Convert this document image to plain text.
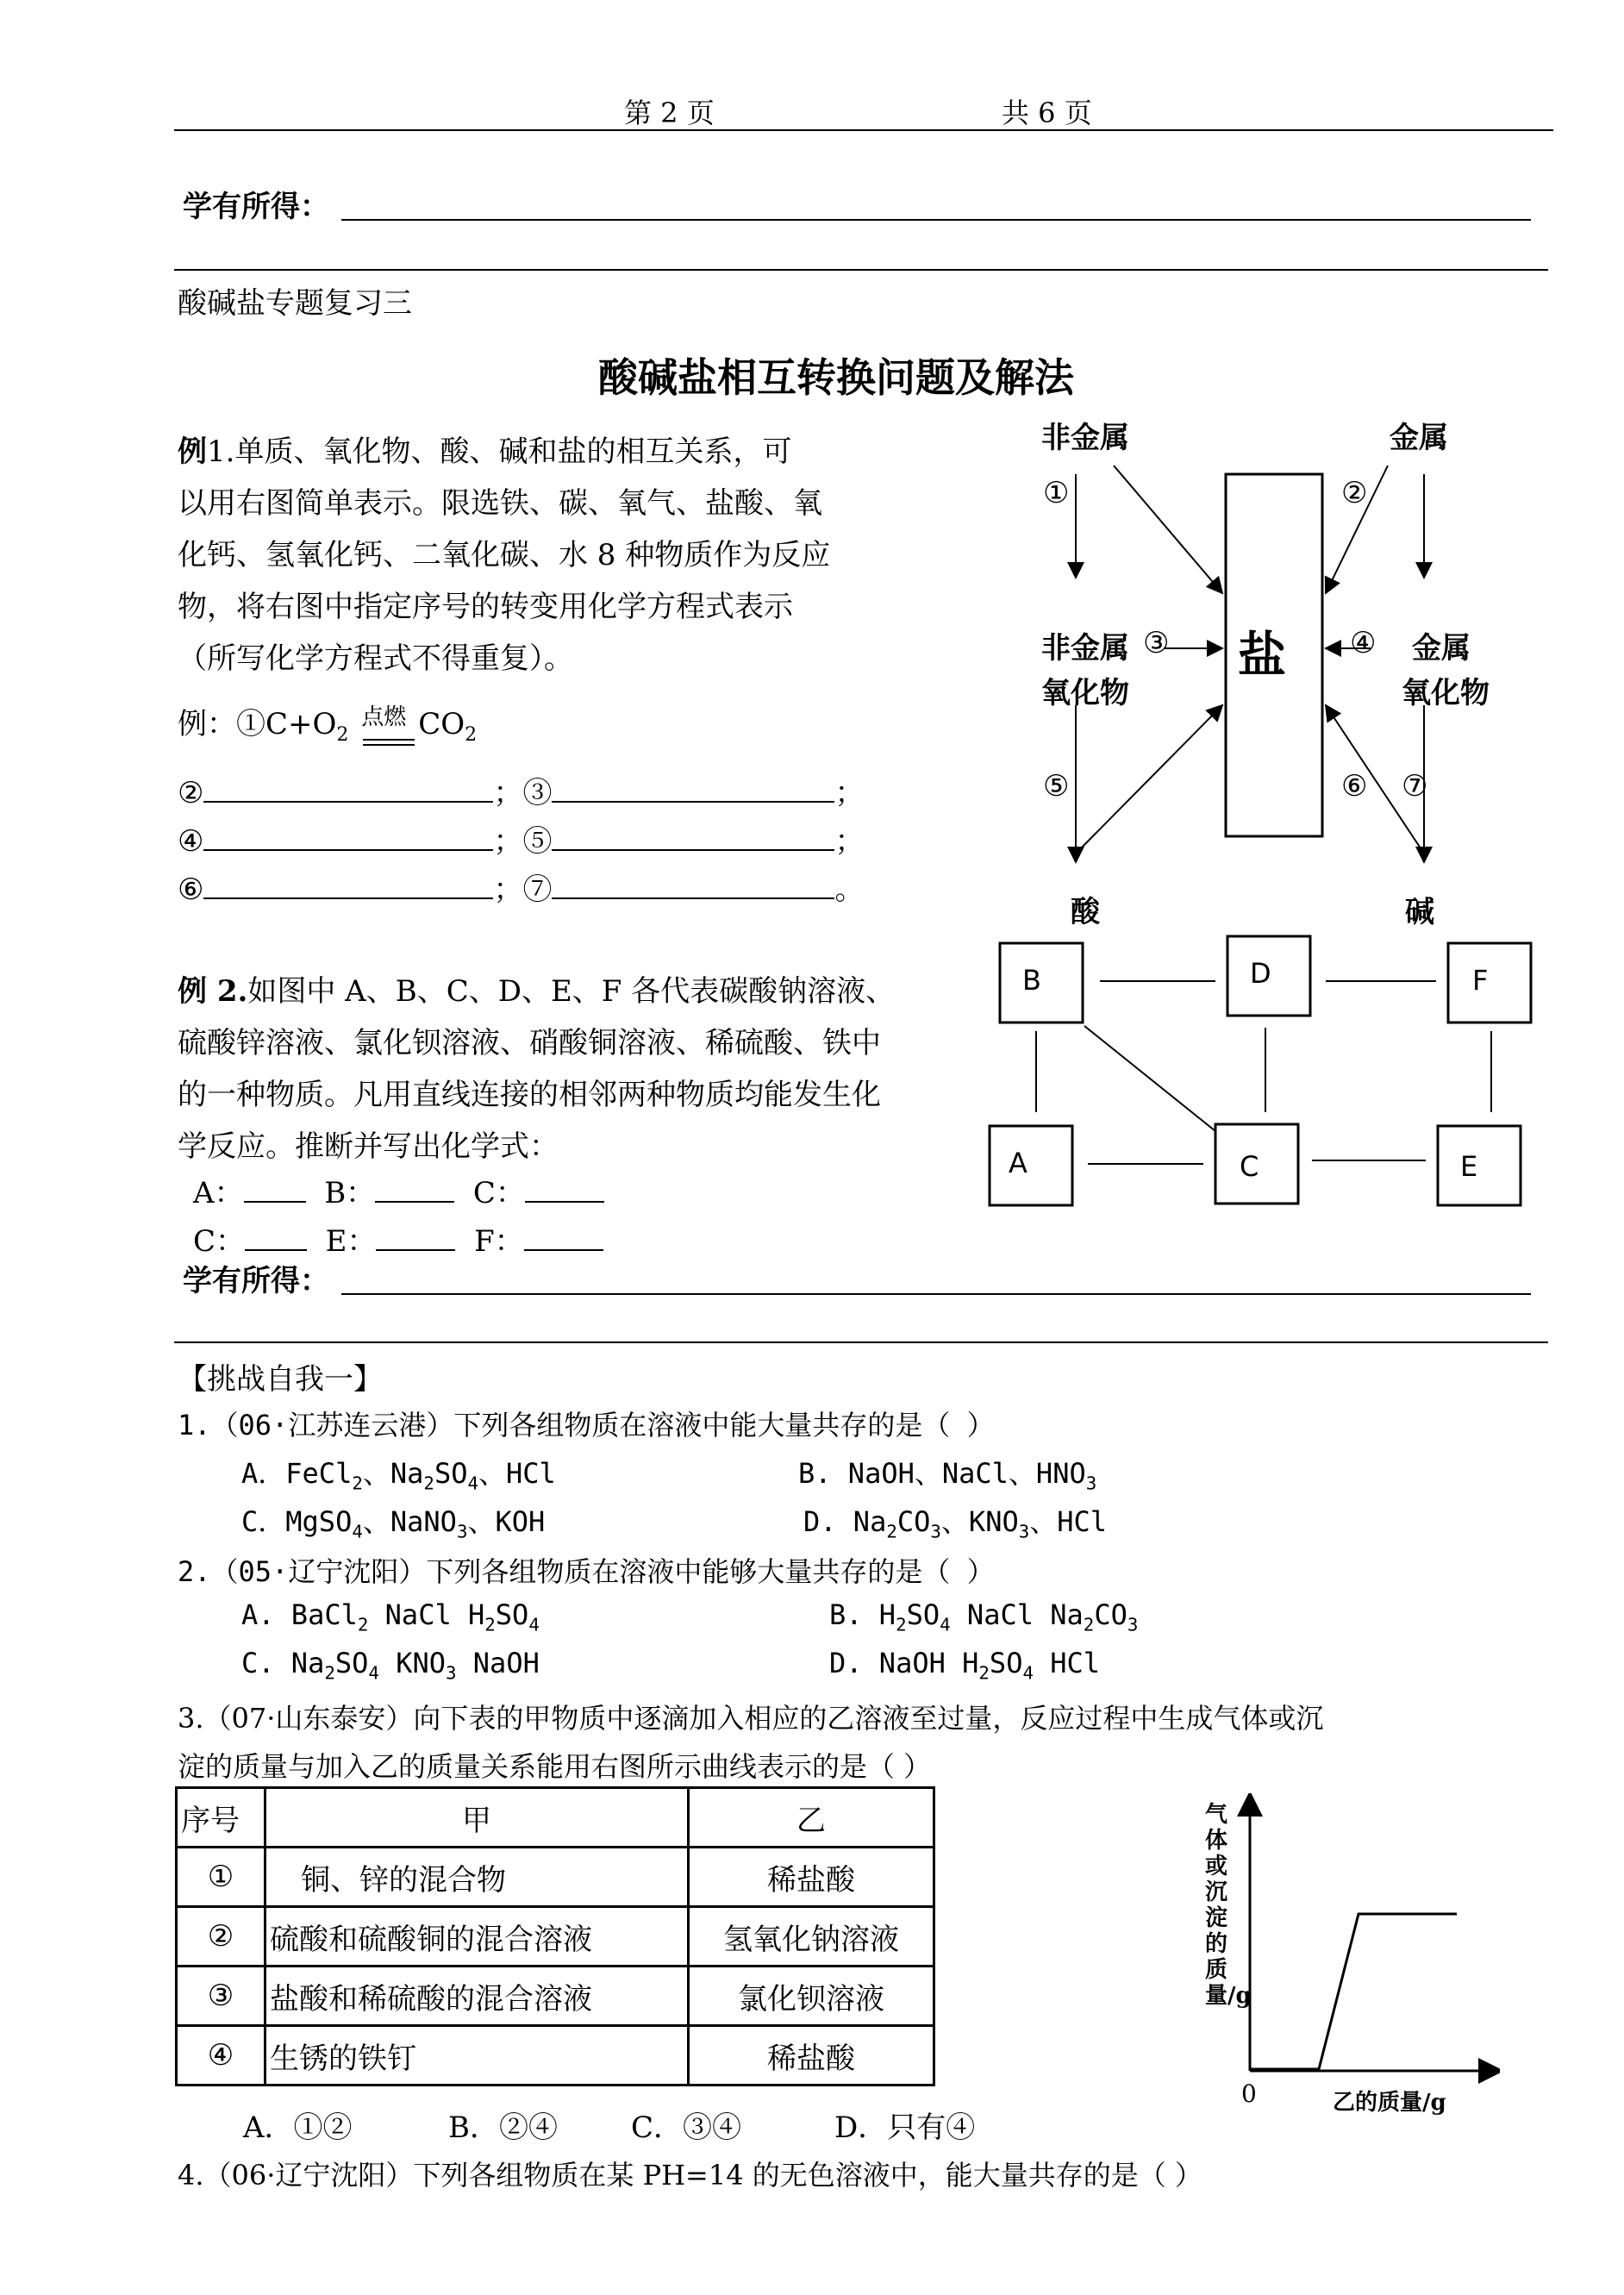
第 2 页	共 6 页
学有所得：
酸碱盐专题复习三
酸碱盐相互转换问题及解法
例1.单质、氧化物、酸、碱和盐的相互关系，可
以用右图简单表示。限选铁、碳、氧气、盐酸、氧
化钙、氢氧化钙、二氧化碳、水 8 种物质作为反应
物，将右图中指定序号的转变用化学方程式表示
（所写化学方程式不得重复）。
例：$①C+O_2$
点燃 $CO_2$
②	；③	；
④	；⑤	；
⑥	；⑦	。
非金属	金属
①	②
非金属
氧化物
③ 盐 ④	金属
氧化物
⑤	⑥ ⑦
酸	碱
例 2.如图中 A、B、C、D、E、F 各代表碳酸钠溶液、
硫酸锌溶液、氯化钡溶液、硝酸铜溶液、稀硫酸、铁中
的一种物质。凡用直线连接的相邻两种物质均能发生化
学反应。推断并写出化学式：
A：	B：	C：
C：	E：	F：
B	D	F
A	C	E
学有所得：
【挑战自我一】
1.（06·江苏连云港）下列各组物质在溶液中能大量共存的是（ ）
A．FeCl$_2$、$Na_2SO_4$、HCl	B. NaOH、NaCl、$HNO_3$
C．MgSO$_4$、NaNO$_3$、KOH	D. $Na_2CO_3$、$KNO_3$、HCl
2.（05·辽宁沈阳）下列各组物质在溶液中能够大量共存的是（ ）
A. BaCl$_2$ NaCl $H_2SO_4$	B. $H_2SO_4$ NaCl $Na_2CO_3$
C. $Na_2SO_4$ $KNO_3$ NaOH	D. NaOH $H_2SO_4$ HCl
3.（07·山东泰安）向下表的甲物质中逐滴加入相应的乙溶液至过量，反应过程中生成气体或沉
淀的质量与加入乙的质量关系能用右图所示曲线表示的是（ ）
序号	甲	乙
①	铜、锌的混合物	稀盐酸
②	硫酸和硫酸铜的混合溶液	氢氧化钠溶液
③	盐酸和稀硫酸的混合溶液	氯化钡溶液
④	生锈的铁钉	稀盐酸
气体或沉淀的质量/g
0	乙的质量/g
A．①②	B．②④	C．③④	D．只有④
4.（06·辽宁沈阳）下列各组物质在某 PH=14 的无色溶液中，能大量共存的是（ ）
